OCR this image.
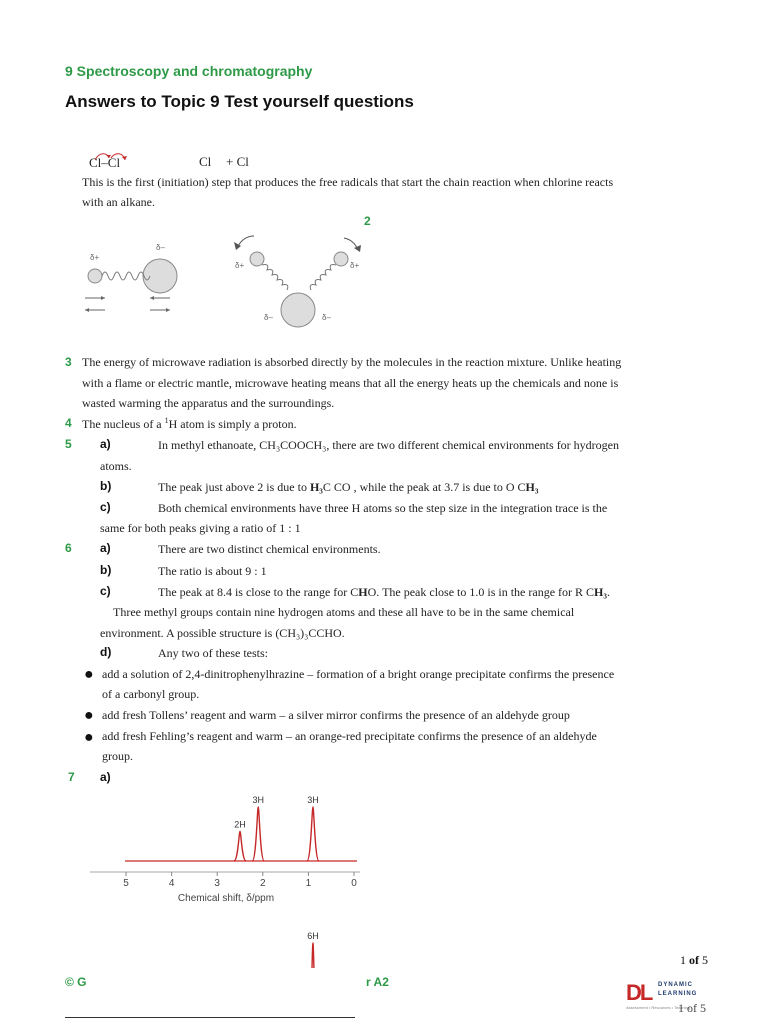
9 Spectroscopy and chromatography
Answers to Topic 9 Test yourself questions
Cl–Cl	Cl + Cl
This is the first (initiation) step that produces the free radicals that start the chain reaction when chlorine reacts
with an alkane.
2
δ+
δ–
δ+	δ+
δ–	δ–
3 The energy of microwave radiation is absorbed directly by the molecules in the reaction mixture. Unlike heating
with a flame or electric mantle, microwave heating means that all the energy heats up the chemicals and none is
wasted warming the apparatus and the surroundings.
4 The nucleus of a $^1$H atom is simply a proton.
5 a)	In methyl ethanoate, CH₃COOCH₃, there are two different chemical environments for hydrogen
atoms.
b)	The peak just above 2 is due to H₃C CO , while the peak at 3.7 is due to O CH₃
c)	Both chemical environments have three H atoms so the step size in the integration trace is the
same for both peaks giving a ratio of 1 : 1
6 a)	There are two distinct chemical environments.
b)	The ratio is about 9 : 1
c)	The peak at 8.4 is close to the range for CHO. The peak close to 1.0 is in the range for R CH₃.
Three methyl groups contain nine hydrogen atoms and these all have to be in the same chemical
environment. A possible structure is (CH₃)₃CCHO.
d)	Any two of these tests:
● add a solution of 2,4-dinitrophenylhrazine – formation of a bright orange precipitate confirms the presence
of a carbonyl group.
● add fresh Tollens’ reagent and warm – a silver mirror confirms the presence of an aldehyde group
● add fresh Fehling’s reagent and warm – an orange-red precipitate confirms the presence of an aldehyde
group.
7 a)
5	4	3	2	1	0
2H
3H	3H
Chemical shift, δ/ppm
6H
1 of 5
© G	r A2	DL DYNAMIC
LEARNING
Assessment • Resources • Teaching
1 of 5
